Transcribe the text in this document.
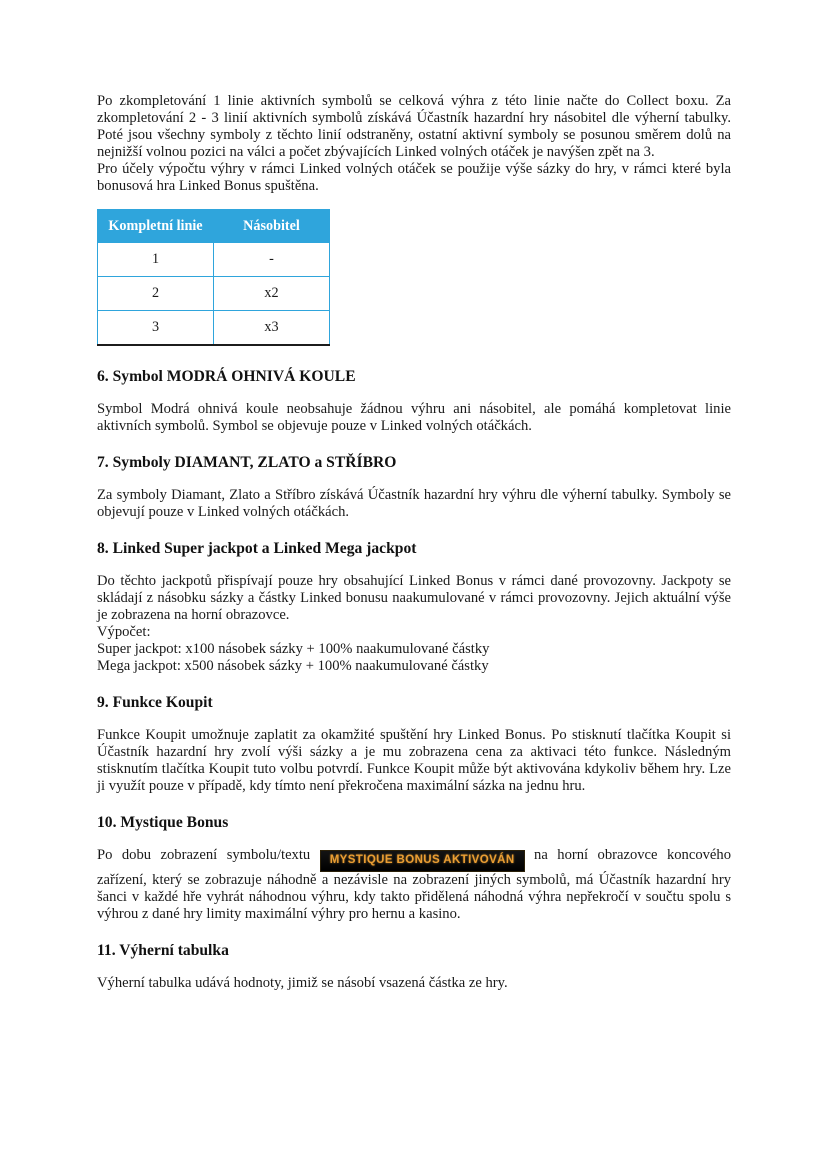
Po zkompletování 1 linie aktivních symbolů se celková výhra z této linie načte do Collect boxu. Za zkompletování 2 - 3 linií aktivních symbolů získává Účastník hazardní hry násobitel dle výherní tabulky. Poté jsou všechny symboly z těchto linií odstraněny, ostatní aktivní symboly se posunou směrem dolů na nejnižší volnou pozici na válci a počet zbývajících Linked volných otáček je navýšen zpět na 3.

Pro účely výpočtu výhry v rámci Linked volných otáček se použije výše sázky do hry, v rámci které byla bonusová hra Linked Bonus spuštěna.

Kompletní linie	Násobitel
1	-
2	x2
3	x3
6. Symbol MODRÁ OHNIVÁ KOULE

Symbol Modrá ohnivá koule neobsahuje žádnou výhru ani násobitel, ale pomáhá kompletovat linie aktivních symbolů. Symbol se objevuje pouze v Linked volných otáčkách.

7. Symboly DIAMANT, ZLATO a STŘÍBRO

Za symboly Diamant, Zlato a Stříbro získává Účastník hazardní hry výhru dle výherní tabulky. Symboly se objevují pouze v Linked volných otáčkách.

8. Linked Super jackpot a Linked Mega jackpot

Do těchto jackpotů přispívají pouze hry obsahující Linked Bonus v rámci dané provozovny. Jackpoty se skládají z násobku sázky a částky Linked bonusu naakumulované v rámci provozovny. Jejich aktuální výše je zobrazena na horní obrazovce.

Výpočet:
Super jackpot: x100 násobek sázky + 100% naakumulované částky
Mega jackpot: x500 násobek sázky + 100% naakumulované částky
9. Funkce Koupit

Funkce Koupit umožnuje zaplatit za okamžité spuštění hry Linked Bonus. Po stisknutí tlačítka Koupit si Účastník hazardní hry zvolí výši sázky a je mu zobrazena cena za aktivaci této funkce. Následným stisknutím tlačítka Koupit tuto volbu potvrdí. Funkce Koupit může být aktivována kdykoliv během hry. Lze ji využít pouze v případě, kdy tímto není překročena maximální sázka na jednu hru.

10. Mystique Bonus

Po dobu zobrazení symbolu/textu MYSTIQUE BONUS AKTIVOVÁN na horní obrazovce koncového zařízení, který se zobrazuje náhodně a nezávisle na zobrazení jiných symbolů, má Účastník hazardní hry šanci v každé hře vyhrát náhodnou výhru, kdy takto přidělená náhodná výhra nepřekročí v součtu spolu s výhrou z dané hry limity maximální výhry pro hernu a kasino.

11. Výherní tabulka

Výherní tabulka udává hodnoty, jimiž se násobí vsazená částka ze hry.
